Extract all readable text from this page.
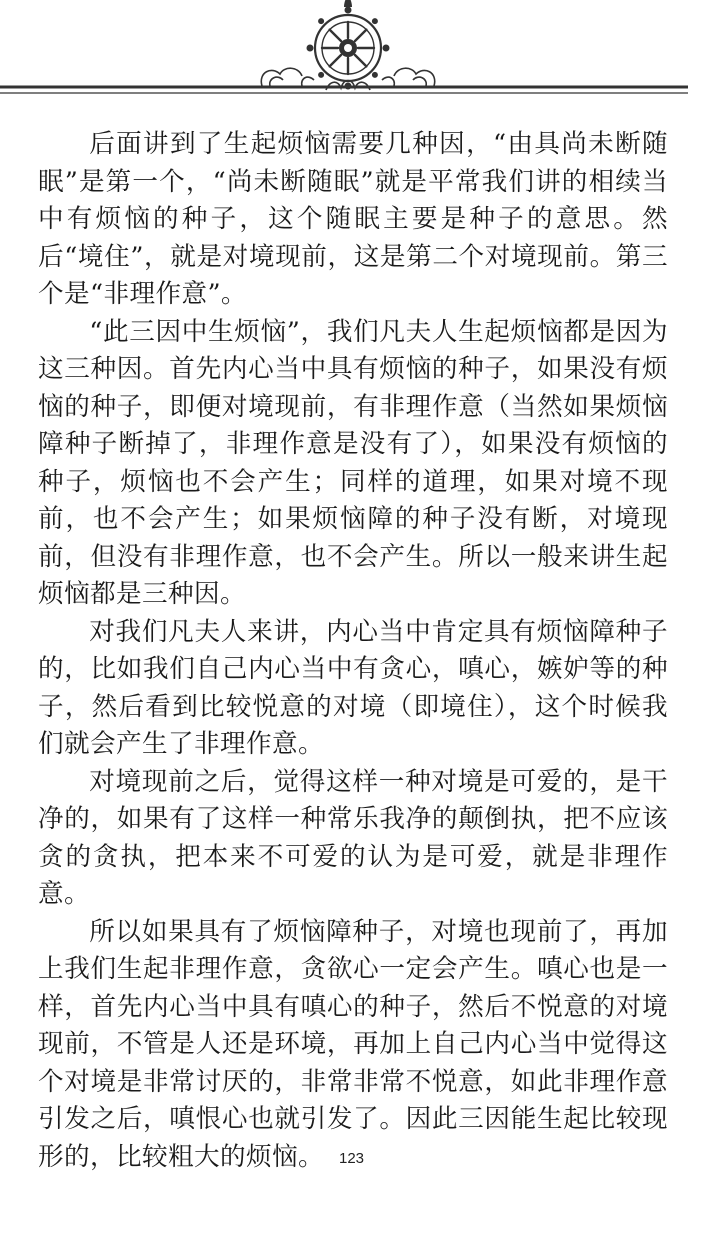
后面讲到了生起烦恼需要几种因，“由具尚未断随眠”是第一个，“尚未断随眠”就是平常我们讲的相续当中有烦恼的种子，这个随眠主要是种子的意思。然后“境住”，就是对境现前，这是第二个对境现前。第三个是“非理作意”。

“此三因中生烦恼”，我们凡夫人生起烦恼都是因为这三种因。首先内心当中具有烦恼的种子，如果没有烦恼的种子，即便对境现前，有非理作意（当然如果烦恼障种子断掉了，非理作意是没有了），如果没有烦恼的种子，烦恼也不会产生；同样的道理，如果对境不现前，也不会产生；如果烦恼障的种子没有断，对境现前，但没有非理作意，也不会产生。所以一般来讲生起烦恼都是三种因。

对我们凡夫人来讲，内心当中肯定具有烦恼障种子的，比如我们自己内心当中有贪心，嗔心，嫉妒等的种子，然后看到比较悦意的对境（即境住），这个时候我们就会产生了非理作意。

对境现前之后，觉得这样一种对境是可爱的，是干净的，如果有了这样一种常乐我净的颠倒执，把不应该贪的贪执，把本来不可爱的认为是可爱，就是非理作意。

所以如果具有了烦恼障种子，对境也现前了，再加上我们生起非理作意，贪欲心一定会产生。嗔心也是一样，首先内心当中具有嗔心的种子，然后不悦意的对境现前，不管是人还是环境，再加上自己内心当中觉得这个对境是非常讨厌的，非常非常不悦意，如此非理作意引发之后，嗔恨心也就引发了。因此三因能生起比较现形的，比较粗大的烦恼。	123
